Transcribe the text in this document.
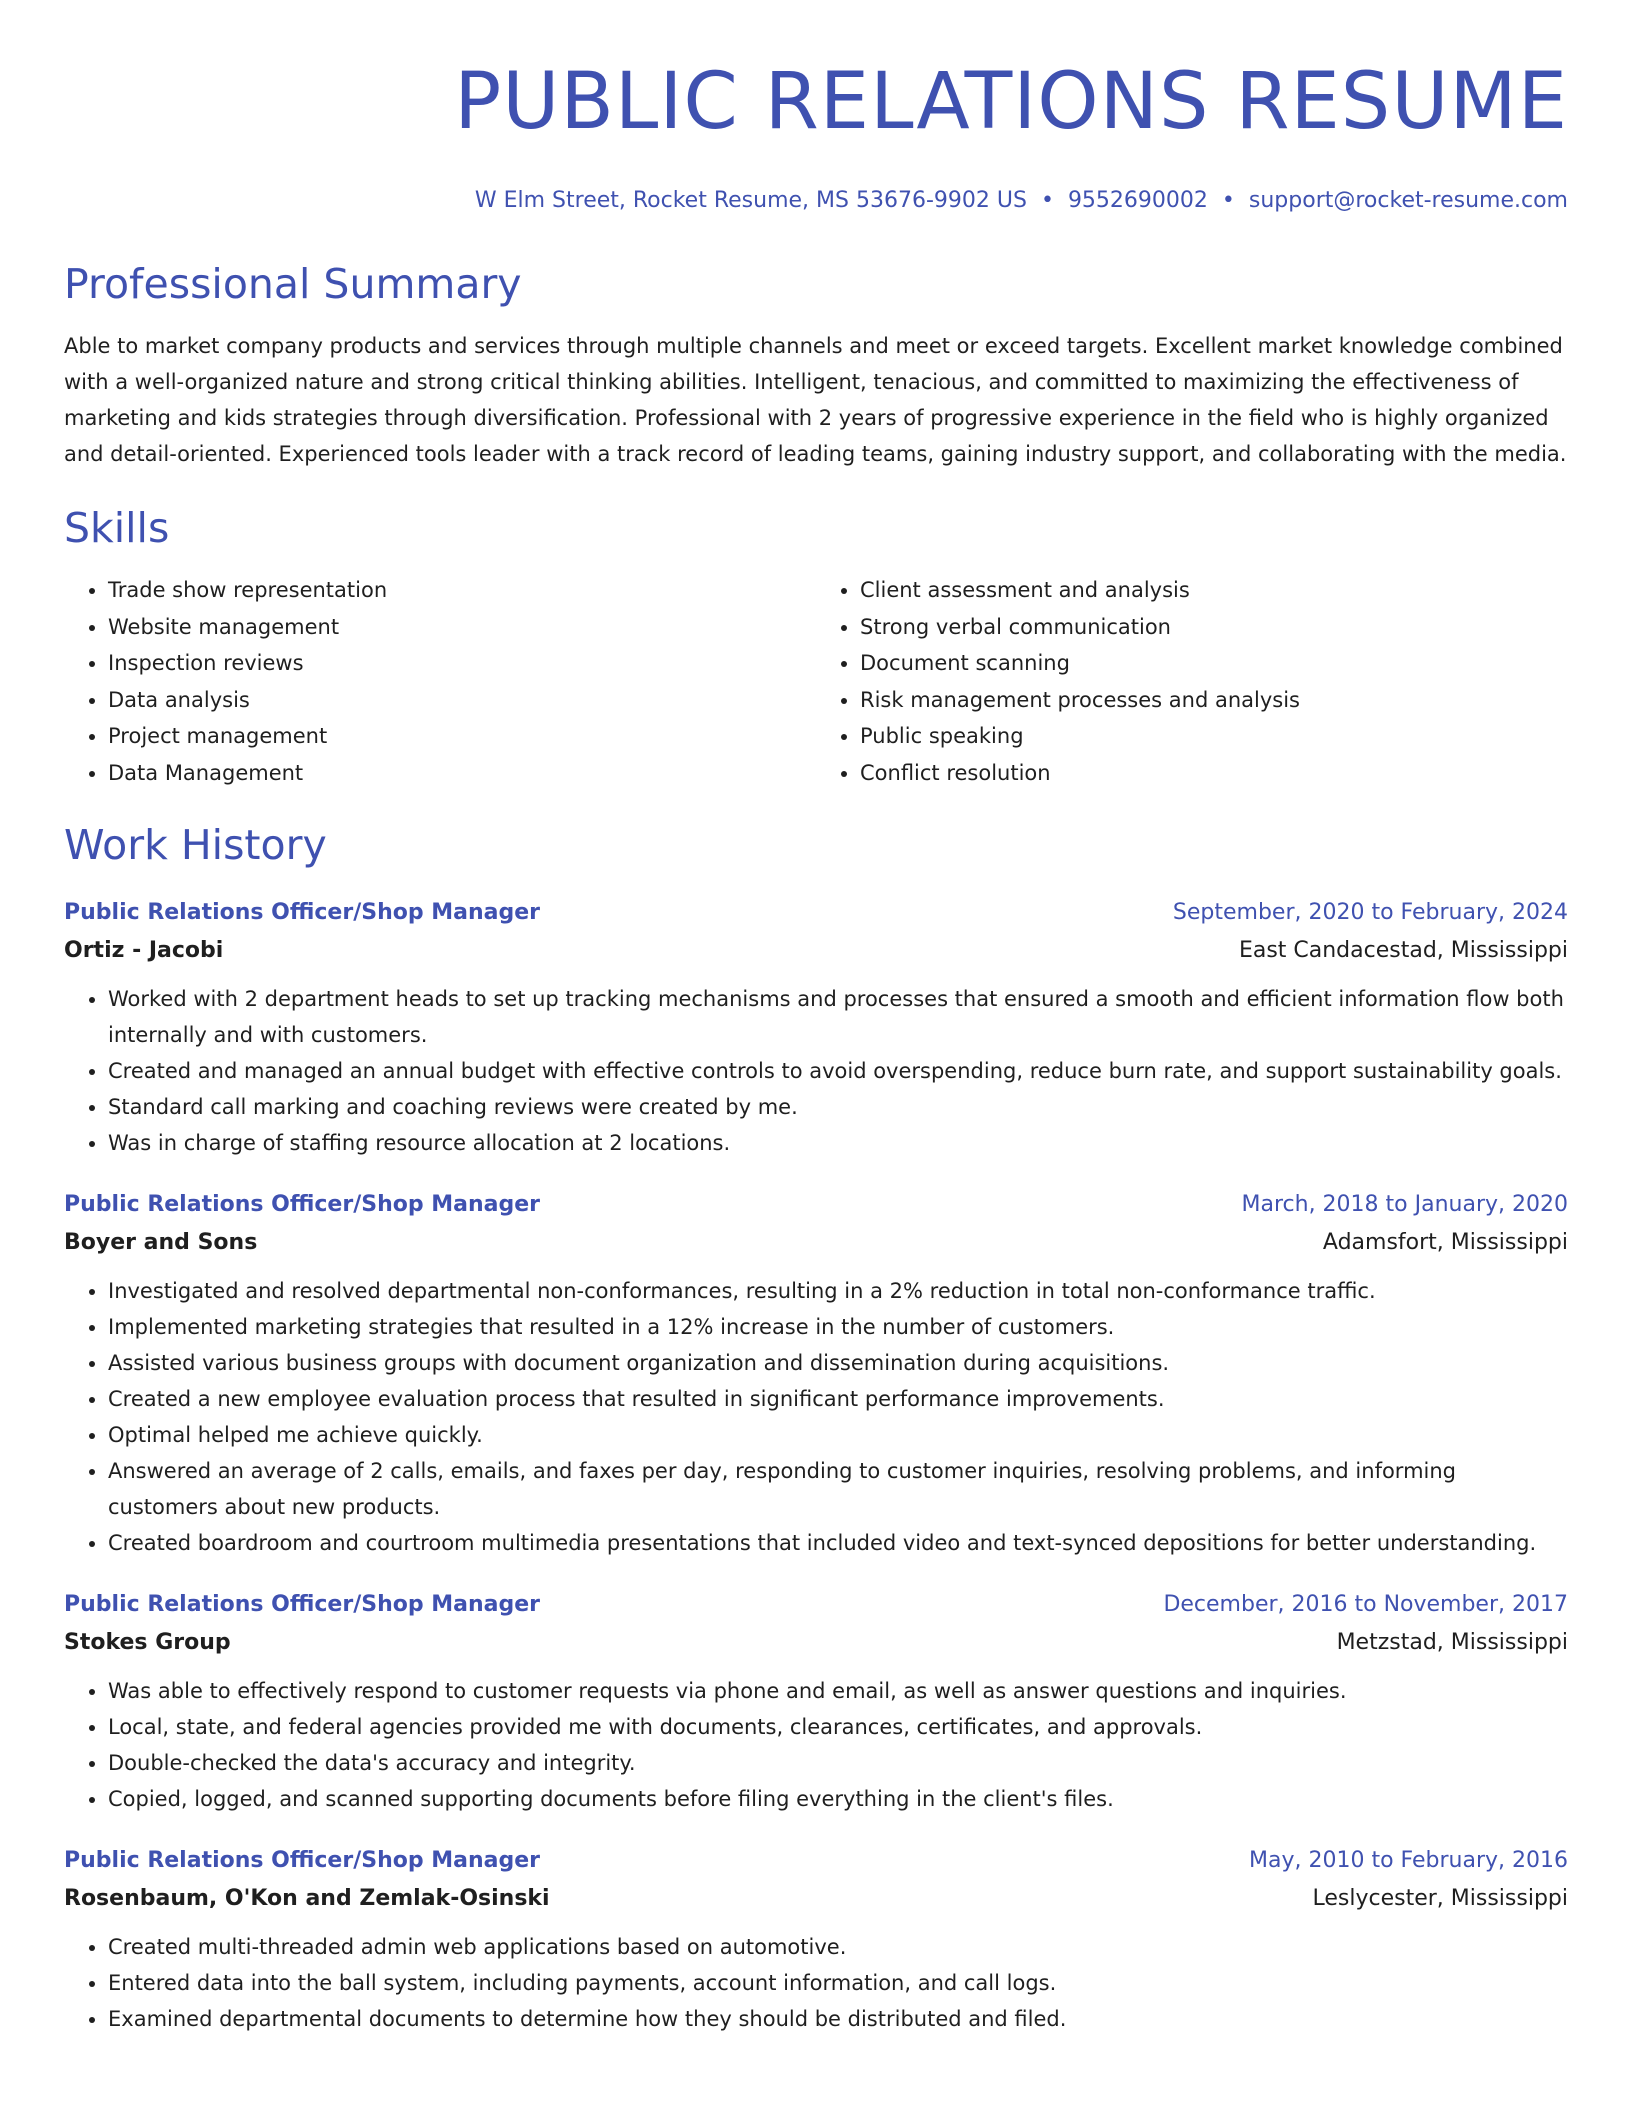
PUBLIC RELATIONS RESUME
W Elm Street, Rocket Resume, MS 53676-9902 US • 9552690002 • support@rocket-resume.com
Professional Summary

Able to market company products and services through multiple channels and meet or exceed targets. Excellent market knowledge combined with a well-organized nature and strong critical thinking abilities. Intelligent, tenacious, and committed to maximizing the effectiveness of marketing and kids strategies through diversification. Professional with 2 years of progressive experience in the field who is highly organized and detail-oriented. Experienced tools leader with a track record of leading teams, gaining industry support, and collaborating with the media.

Skills
• Trade show representation
• Website management
• Inspection reviews
• Data analysis
• Project management
• Data Management
• Client assessment and analysis
• Strong verbal communication
• Document scanning
• Risk management processes and analysis
• Public speaking
• Conflict resolution
Work History
Public Relations Officer/Shop Manager	September, 2020 to February, 2024
Ortiz - Jacobi	East Candacestad, Mississippi
• Worked with 2 department heads to set up tracking mechanisms and processes that ensured a smooth and efficient information flow both internally and with customers.
• Created and managed an annual budget with effective controls to avoid overspending, reduce burn rate, and support sustainability goals.
• Standard call marking and coaching reviews were created by me.
• Was in charge of staffing resource allocation at 2 locations.
Public Relations Officer/Shop Manager	March, 2018 to January, 2020
Boyer and Sons	Adamsfort, Mississippi
• Investigated and resolved departmental non-conformances, resulting in a 2% reduction in total non-conformance traffic.
• Implemented marketing strategies that resulted in a 12% increase in the number of customers.
• Assisted various business groups with document organization and dissemination during acquisitions.
• Created a new employee evaluation process that resulted in significant performance improvements.
• Optimal helped me achieve quickly.
• Answered an average of 2 calls, emails, and faxes per day, responding to customer inquiries, resolving problems, and informing customers about new products.
• Created boardroom and courtroom multimedia presentations that included video and text-synced depositions for better understanding.
Public Relations Officer/Shop Manager	December, 2016 to November, 2017
Stokes Group	Metzstad, Mississippi
• Was able to effectively respond to customer requests via phone and email, as well as answer questions and inquiries.
• Local, state, and federal agencies provided me with documents, clearances, certificates, and approvals.
• Double-checked the data's accuracy and integrity.
• Copied, logged, and scanned supporting documents before filing everything in the client's files.
Public Relations Officer/Shop Manager	May, 2010 to February, 2016
Rosenbaum, O'Kon and Zemlak-Osinski	Leslycester, Mississippi
• Created multi-threaded admin web applications based on automotive.
• Entered data into the ball system, including payments, account information, and call logs.
• Examined departmental documents to determine how they should be distributed and filed.
